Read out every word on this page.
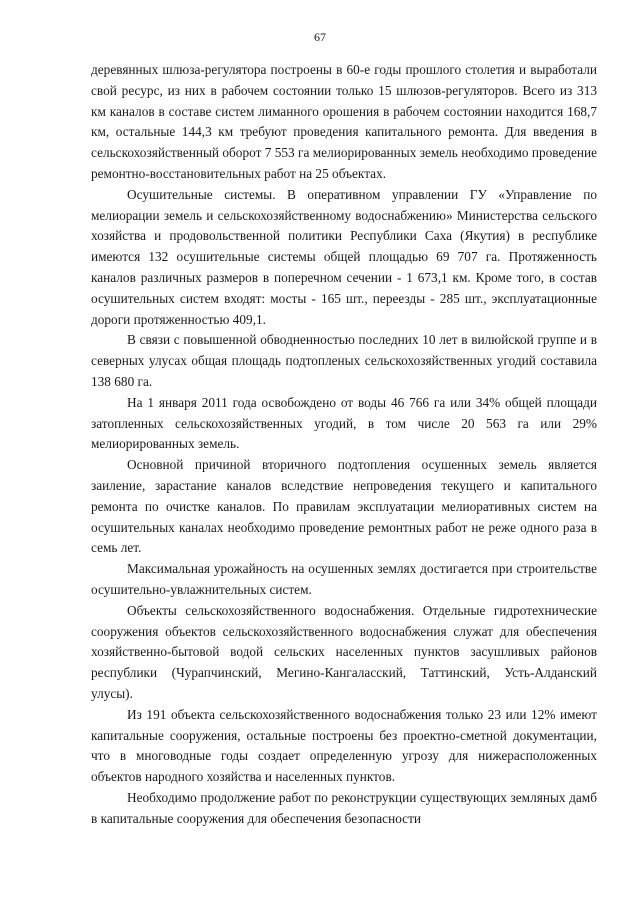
67

деревянных шлюза-регулятора построены в 60-е годы прошлого столетия и выработали свой ресурс, из них в рабочем состоянии только 15 шлюзов-регуляторов. Всего из 313 км каналов в составе систем лиманного орошения в рабочем состоянии находится 168,7 км, остальные 144,3 км требуют проведения капитального ремонта. Для введения в сельскохозяйственный оборот 7 553 га мелиорированных земель необходимо проведение ремонтно-восстановительных работ на 25 объектах.

Осушительные системы. В оперативном управлении ГУ «Управление по мелиорации земель и сельскохозяйственному водоснабжению» Министерства сельского хозяйства и продовольственной политики Республики Саха (Якутия) в республике имеются 132 осушительные системы общей площадью 69 707 га. Протяженность каналов различных размеров в поперечном сечении - 1 673,1 км. Кроме того, в состав осушительных систем входят: мосты - 165 шт., переезды - 285 шт., эксплуатационные дороги протяженностью 409,1.

В связи с повышенной обводненностью последних 10 лет в вилюйской группе и в северных улусах общая площадь подтопленых сельскохозяйственных угодий составила 138 680 га.

На 1 января 2011 года освобождено от воды 46 766 га или 34% общей площади затопленных сельскохозяйственных угодий, в том числе 20 563 га или 29% мелиорированных земель.

Основной причиной вторичного подтопления осушенных земель является заиление, зарастание каналов вследствие непроведения текущего и капитального ремонта по очистке каналов. По правилам эксплуатации мелиоративных систем на осушительных каналах необходимо проведение ремонтных работ не реже одного раза в семь лет.

Максимальная урожайность на осушенных землях достигается при строительстве осушительно-увлажнительных систем.

Объекты сельскохозяйственного водоснабжения. Отдельные гидротехнические сооружения объектов сельскохозяйственного водоснабжения служат для обеспечения хозяйственно-бытовой водой сельских населенных пунктов засушливых районов республики (Чурапчинский, Мегино-Кангаласский, Таттинский, Усть-Алданский улусы).

Из 191 объекта сельскохозяйственного водоснабжения только 23 или 12% имеют капитальные сооружения, остальные построены без проектно-сметной документации, что в многоводные годы создает определенную угрозу для нижерасположенных объектов народного хозяйства и населенных пунктов.

Необходимо продолжение работ по реконструкции существующих земляных дамб в капитальные сооружения для обеспечения безопасности
